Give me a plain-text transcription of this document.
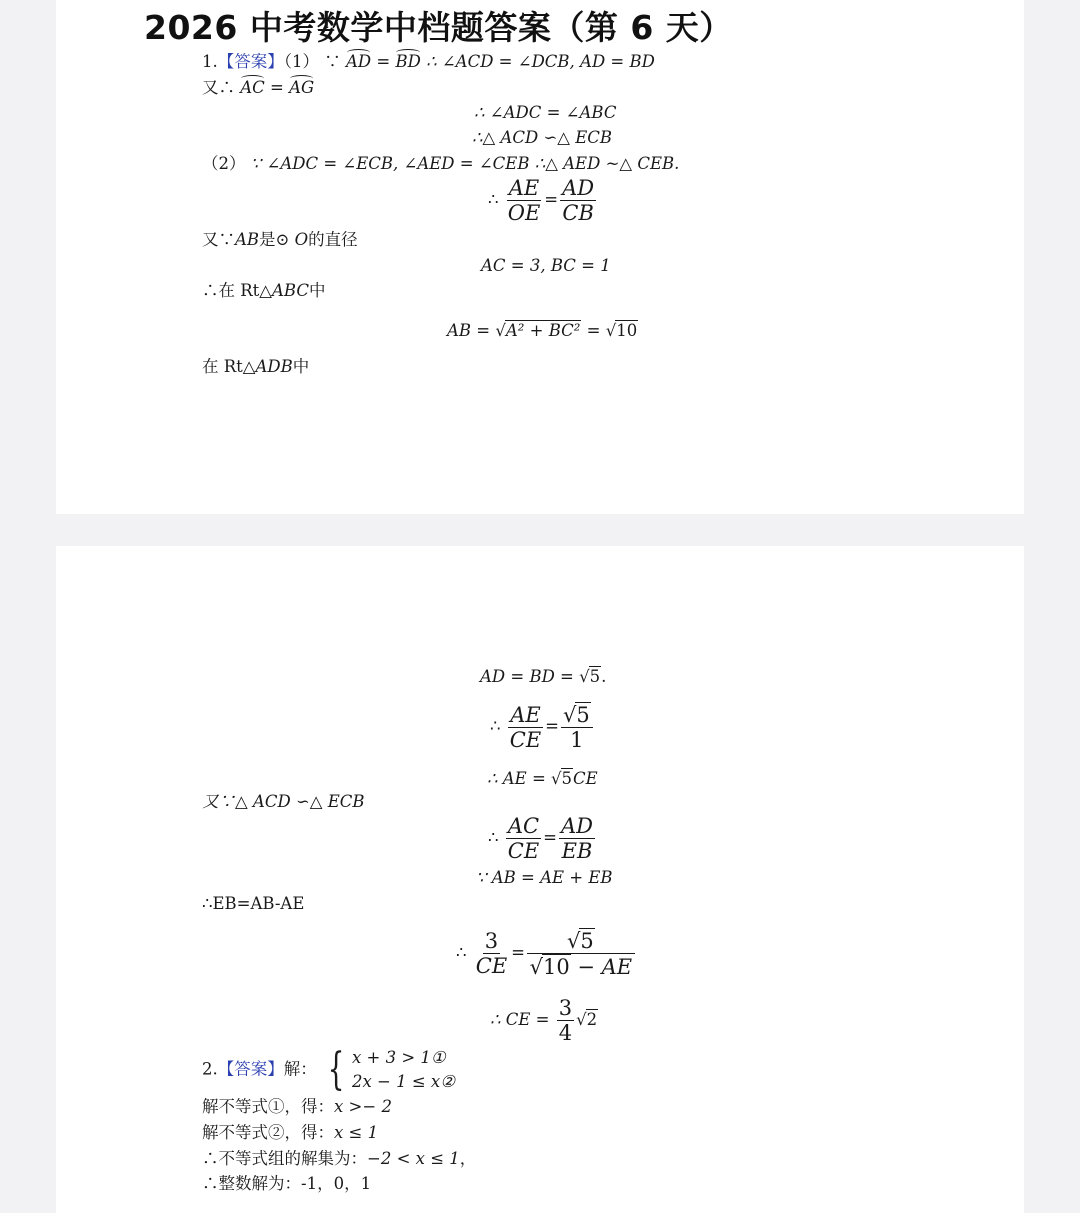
2026 中考数学中档题答案（第 6 天）
1.【答案】（1） ∵ AD = BD ∴ ∠ACD = ∠DCB, AD = BD
又∴ AC = AG
∴ ∠ADC = ∠ABC
∴△ ACD ∽△ ECB
（2） ∵ ∠ADC = ∠ECB, ∠AED = ∠CEB ∴△ AED ~△ CEB.
∴ $\frac{AE}{OE} = \frac{AD}{CB}$
又∵AB是⊙ O的直径
AC = 3, BC = 1
∴在 Rt△ABC中
AB = √A² + BC² = √10
在 Rt△ADB中
AD = BD = √5.
∴ $\frac{AE}{CE} = \frac{√5}{1}$
∴ AE = √5CE
又∵△ ACD ∽△ ECB
∴ $\frac{AC}{CE} = \frac{AD}{EB}$
∵ AB = AE + EB
∴EB=AB-AE
∴ $\frac{3}{CE} = \frac{√5}{√10 - AE}$
∴ CE = $\frac{3}{4} √2$
2.【答案】解： { x + 3 > 1①
2x − 1 ≤ x②
解不等式①，得：x >− 2
解不等式②，得：x ≤ 1
∴不等式组的解集为：−2 < x ≤ 1，
∴整数解为：-1，0，1
